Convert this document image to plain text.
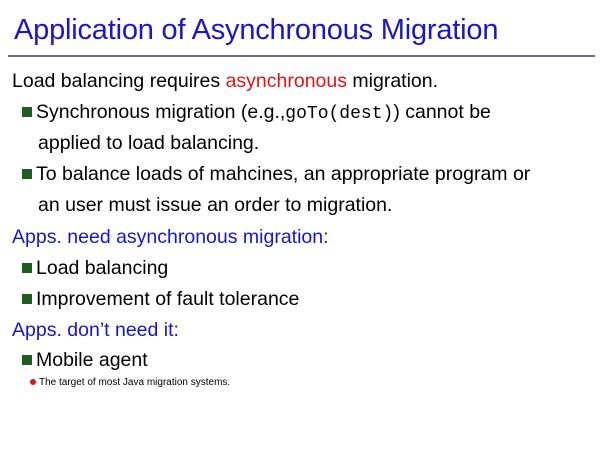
Application of Asynchronous Migration
Load balancing requires asynchronous migration.
Synchronous migration (e.g.,goTo(dest)) cannot be
applied to load balancing.
To balance loads of mahcines, an appropriate program or
an user must issue an order to migration.
Apps. need asynchronous migration:
Load balancing
Improvement of fault tolerance
Apps. don’t need it:
Mobile agent
The target of most Java migration systems.
